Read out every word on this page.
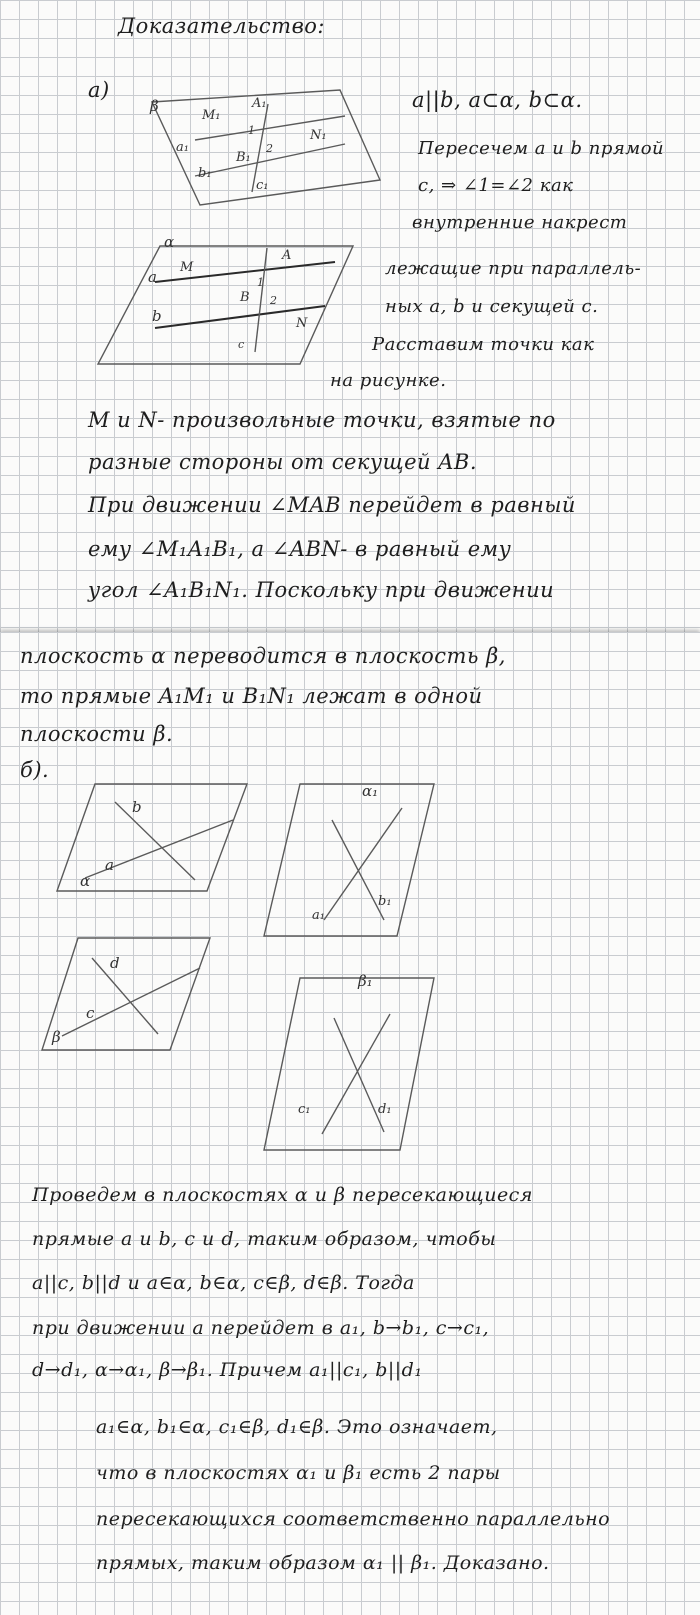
Доказательство:
а)
β
M₁
A₁
1
a₁
B₁
2
N₁
b₁
c₁
α
a
M
A
1
B 2
b	N
c
a||b, a⊂α, b⊂α.
Пересечем a и b прямой
c, ⇒ ∠1=∠2 как
внутренние накрест
лежащие при параллель-
ных a, b и секущей c.
Расставим точки как
на рисунке.
M и N- произвольные точки, взятые по
разные стороны от секущей AB.
При движении ∠MAB перейдет в равный
ему ∠M₁A₁B₁, а ∠ABN- в равный ему
угол ∠A₁B₁N₁. Поскольку при движении
плоскость α переводится в плоскость β,
то прямые A₁M₁ и B₁N₁ лежат в одной
плоскости β.
б).
b
a
α
α₁
a₁
b₁
d
c
β
β₁
c₁	d₁
Проведем в плоскостях α и β пересекающиеся
прямые a и b, c и d, таким образом, чтобы
a||c, b||d и a∈α, b∈α, c∈β, d∈β. Тогда
при движении a перейдет в a₁, b→b₁, c→c₁,
d→d₁, α→α₁, β→β₁. Причем a₁||c₁, b||d₁
a₁∈α, b₁∈α, c₁∈β, d₁∈β. Это означает,
что в плоскостях α₁ и β₁ есть 2 пары
пересекающихся соответственно параллельно
прямых, таким образом α₁ || β₁. Доказано.
